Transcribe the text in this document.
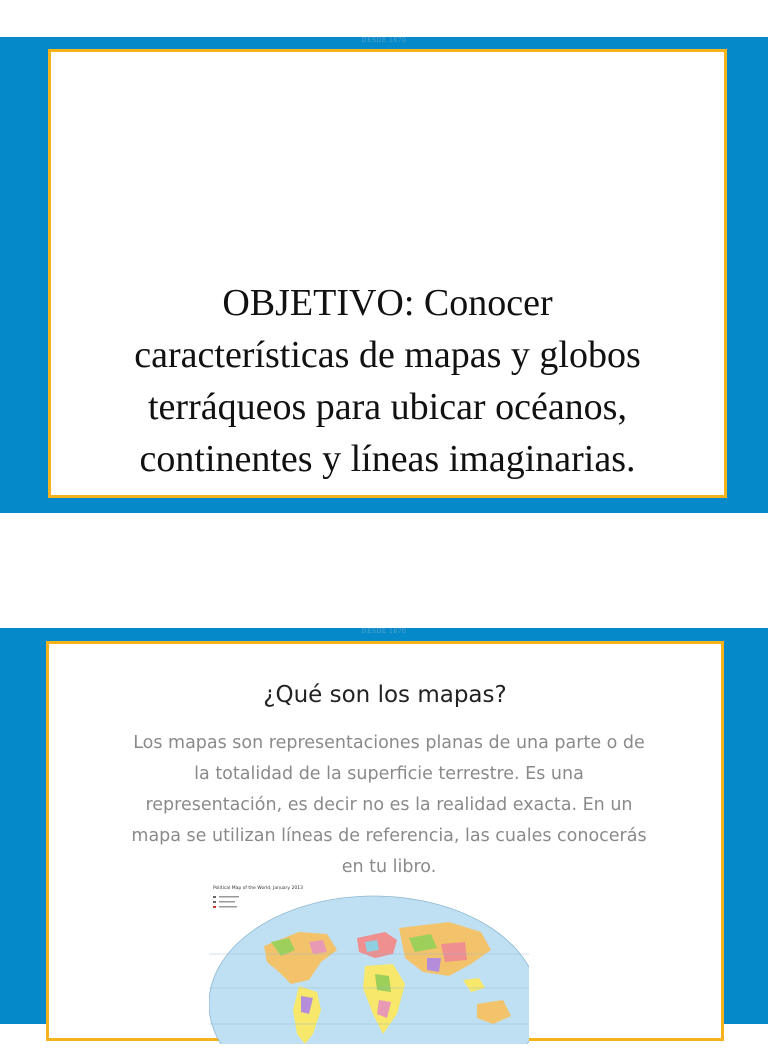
DESDE 1870
OBJETIVO: Conocer
características de mapas y globos
terráqueos para ubicar océanos,
continentes y líneas imaginarias.
DESDE 1870
¿Qué son los mapas?
Los mapas son representaciones planas de una parte o de
la totalidad de la superficie terrestre. Es una
representación, es decir no es la realidad exacta. En un
mapa se utilizan líneas de referencia, las cuales conocerás
en tu libro.
Political Map of the World, January 2013
